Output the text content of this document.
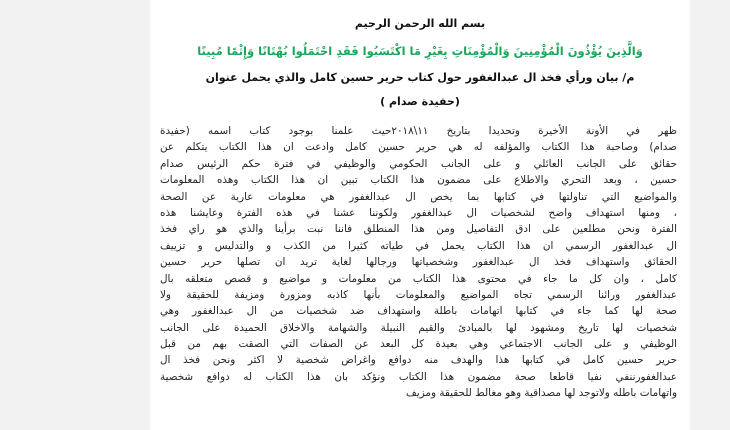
بسم الله الرحمن الرحيم
وَالَّذِينَ يُؤْذُونَ الْمُؤْمِنِينَ وَالْمُؤْمِنَاتِ بِغَيْرِ مَا اكْتَسَبُوا فَقَدِ احْتَمَلُوا بُهْتَانًا وَإِثْمًا مُبِينًا
م/ بيان ورأي فخذ ال عبدالغفور حول كتاب حرير حسين كامل والذي يحمل عنوان
(حفيدة صدام )
ظهر في الأونة الأخيرة وتحديدا بتاريخ ١١\٢٠١٨حيث علمنا بوجود كتاب اسمه (حفيدة
صدام) وصاحبة هذا الكتاب والمؤلفه له هي حرير حسين كامل وادعت ان هذا الكتاب يتكلم عن
حقائق على الجانب العائلي و على الجانب الحكومي والوظيفي في فترة حكم الرئيس صدام
حسين ، وبعد التحري والاطلاع على مضمون هذا الكتاب تبين ان هذا الكتاب وهذه المعلومات
والمواضيع التي تناولتها في كتابها بما يخص ال عبدالغفور هي معلومات عارية عن الصحة
، ومنها استهداف واضح لشخصيات ال عبدالغفور ولكوننا عشنا في هذه الفترة وعايشنا هذه
الفترة ونحن مطلعين على ادق التفاصيل ومن هذا المنطلق فاننا نبت برأينا والذي هو راي فخذ
ال عبدالغفور الرسمي ان هذا الكتاب يحمل في طياته كثيرا من الكذب و والتدليس و تزييف
الحقائق واستهداف فخذ ال عبدالغفور وشخصياتها ورجالها لغاية تريد ان تصلها حرير حسين
كامل ، وان كل ما جاء في محتوى هذا الكتاب من معلومات و مواضيع و قصص متعلقه بال
عبدالغفور ورائنا الرسمي تجاه المواضيع والمعلومات بأنها كاذبه ومزورة ومزيفة للحقيقة ولا
صحة لها كما جاء في كتابها اتهامات باطلة واستهداف ضد شخصيات من ال عبدالغفور وهي
شخصيات لها تاريخ ومشهود لها بالمبادئ والقيم النبيلة والشهامة والاخلاق الحميدة على الجانب
الوظيفي و على الجانب الاجتماعي وهي بعيدة كل البعد عن الصفات التي الصقت بهم من قبل
حرير حسين كامل في كتابها هذا والهدف منه دوافع واغراض شخصية لا اكثر ونحن فخذ ال
عبدالغفورننفي نفيا قاطعا صحة مضمون هذا الكتاب ونؤكد بان هذا الكتاب له دوافع شخصية
واتهامات باطله ولاتوجد لها مصداقية وهو مغالط للحقيقة ومزيف
